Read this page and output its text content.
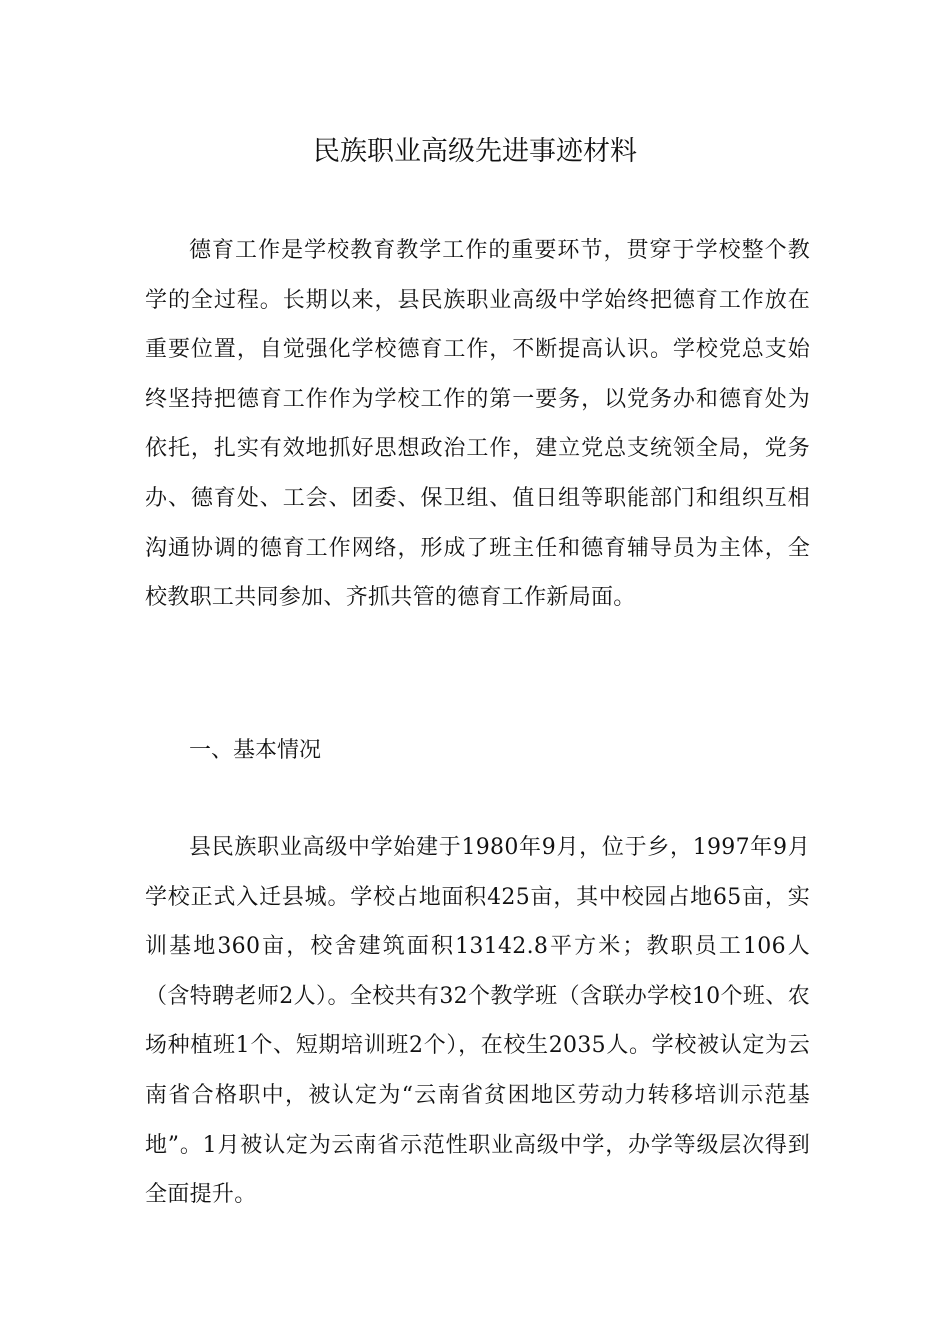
民族职业高级先进事迹材料

德育工作是学校教育教学工作的重要环节，贯穿于学校整个教学的全过程。长期以来，县民族职业高级中学始终把德育工作放在重要位置，自觉强化学校德育工作，不断提高认识。学校党总支始终坚持把德育工作作为学校工作的第一要务，以党务办和德育处为依托，扎实有效地抓好思想政治工作，建立党总支统领全局，党务办、德育处、工会、团委、保卫组、值日组等职能部门和组织互相沟通协调的德育工作网络，形成了班主任和德育辅导员为主体，全校教职工共同参加、齐抓共管的德育工作新局面。

一、基本情况

县民族职业高级中学始建于1980年9月，位于乡，1997年9月学校正式入迁县城。学校占地面积425亩，其中校园占地65亩，实训基地360亩，校舍建筑面积13142.8平方米；教职员工106人（含特聘老师2人）。全校共有32个教学班（含联办学校10个班、农场种植班1个、短期培训班2个），在校生2035人。学校被认定为云南省合格职中，被认定为“云南省贫困地区劳动力转移培训示范基地”。1月被认定为云南省示范性职业高级中学，办学等级层次得到全面提升。
